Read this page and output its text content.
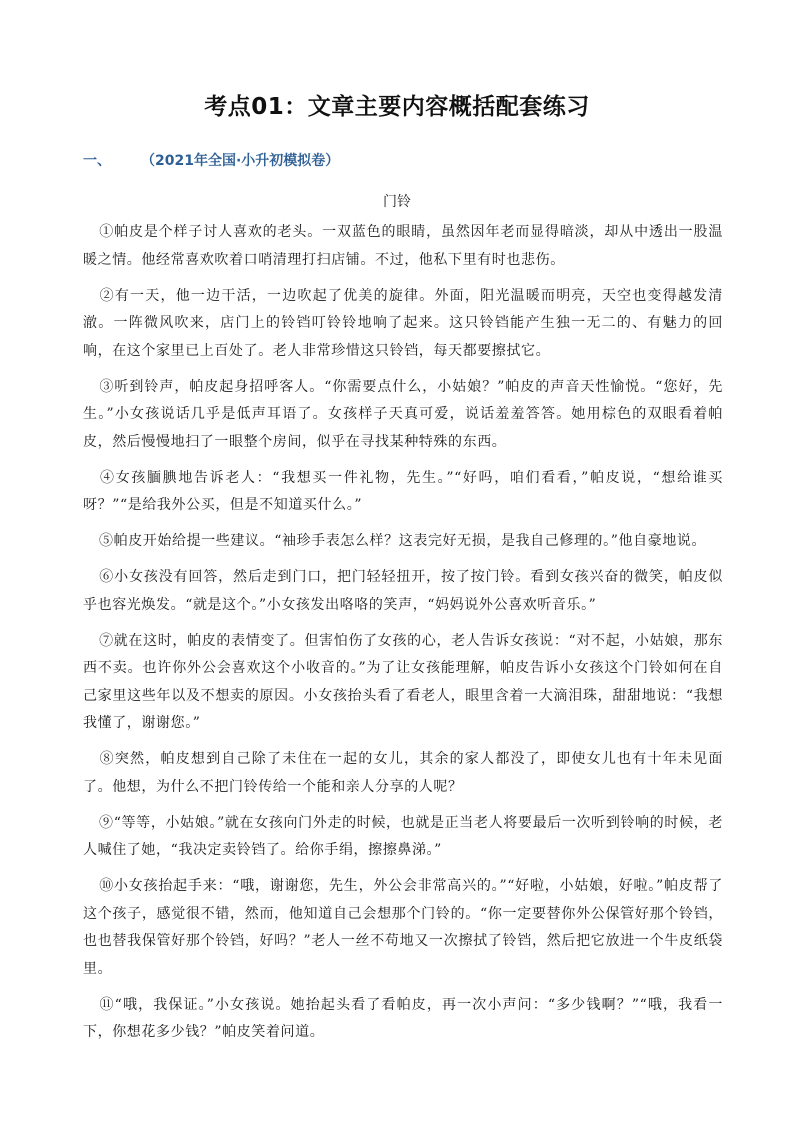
考点01：文章主要内容概括配套练习
一、 （2021年全国·小升初模拟卷）
门铃

①帕皮是个样子讨人喜欢的老头。一双蓝色的眼睛，虽然因年老而显得暗淡，却从中透出一股温暖之情。他经常喜欢吹着口哨清理打扫店铺。不过，他私下里有时也悲伤。

②有一天，他一边干活，一边吹起了优美的旋律。外面，阳光温暖而明亮，天空也变得越发清澈。一阵微风吹来，店门上的铃铛叮铃铃地响了起来。这只铃铛能产生独一无二的、有魅力的回响，在这个家里已上百处了。老人非常珍惜这只铃铛，每天都要擦拭它。

③听到铃声，帕皮起身招呼客人。“你需要点什么，小姑娘？”帕皮的声音天性愉悦。“您好，先生。”小女孩说话几乎是低声耳语了。女孩样子天真可爱，说话羞羞答答。她用棕色的双眼看着帕皮，然后慢慢地扫了一眼整个房间，似乎在寻找某种特殊的东西。

④女孩腼腆地告诉老人：“我想买一件礼物，先生。”“好吗，咱们看看，”帕皮说，“想给谁买呀？”“是给我外公买，但是不知道买什么。”

⑤帕皮开始给提一些建议。“袖珍手表怎么样？这表完好无损，是我自己修理的。”他自豪地说。

⑥小女孩没有回答，然后走到门口，把门轻轻扭开，按了按门铃。看到女孩兴奋的微笑，帕皮似乎也容光焕发。“就是这个。”小女孩发出咯咯的笑声，“妈妈说外公喜欢听音乐。”

⑦就在这时，帕皮的表情变了。但害怕伤了女孩的心，老人告诉女孩说：“对不起，小姑娘，那东西不卖。也许你外公会喜欢这个小收音的。”为了让女孩能理解，帕皮告诉小女孩这个门铃如何在自己家里这些年以及不想卖的原因。小女孩抬头看了看老人，眼里含着一大滴泪珠，甜甜地说：“我想我懂了，谢谢您。”

⑧突然，帕皮想到自己除了未住在一起的女儿，其余的家人都没了，即使女儿也有十年未见面了。他想，为什么不把门铃传给一个能和亲人分享的人呢？

⑨“等等，小姑娘。”就在女孩向门外走的时候，也就是正当老人将要最后一次听到铃响的时候，老人喊住了她，“我决定卖铃铛了。给你手绢，擦擦鼻涕。”

⑩小女孩抬起手来：“哦，谢谢您，先生，外公会非常高兴的。”“好啦，小姑娘，好啦。”帕皮帮了这个孩子，感觉很不错，然而，他知道自己会想那个门铃的。“你一定要替你外公保管好那个铃铛，也也替我保管好那个铃铛，好吗？”老人一丝不苟地又一次擦拭了铃铛，然后把它放进一个牛皮纸袋里。

⑪“哦，我保证。”小女孩说。她抬起头看了看帕皮，再一次小声问：“多少钱啊？”“哦，我看一下，你想花多少钱？”帕皮笑着问道。
